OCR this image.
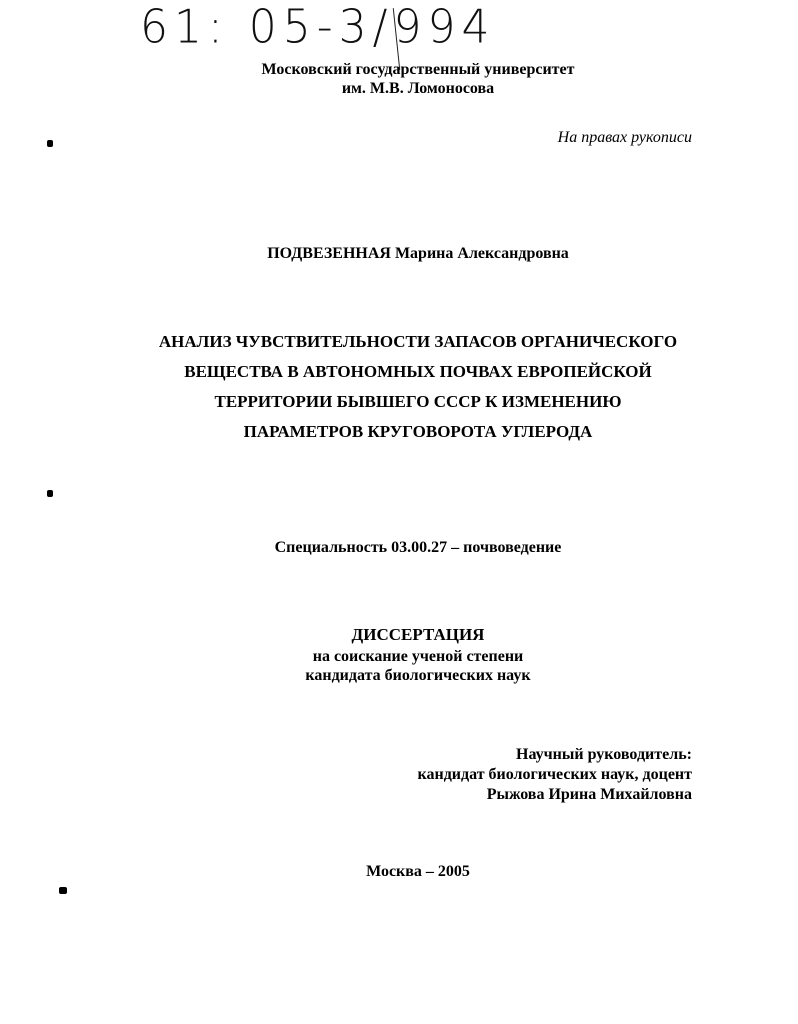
61: 05-3/994
Московский государственный университет
им. М.В. Ломоносова
На правах рукописи
ПОДВЕЗЕННАЯ Марина Александровна
АНАЛИЗ ЧУВСТВИТЕЛЬНОСТИ ЗАПАСОВ ОРГАНИЧЕСКОГО
ВЕЩЕСТВА В АВТОНОМНЫХ ПОЧВАХ ЕВРОПЕЙСКОЙ
ТЕРРИТОРИИ БЫВШЕГО СССР К ИЗМЕНЕНИЮ
ПАРАМЕТРОВ КРУГОВОРОТА УГЛЕРОДА
Специальность 03.00.27 – почвоведение
ДИССЕРТАЦИЯ
на соискание ученой степени
кандидата биологических наук
Научный руководитель:
кандидат биологических наук, доцент
Рыжова Ирина Михайловна
Москва – 2005
